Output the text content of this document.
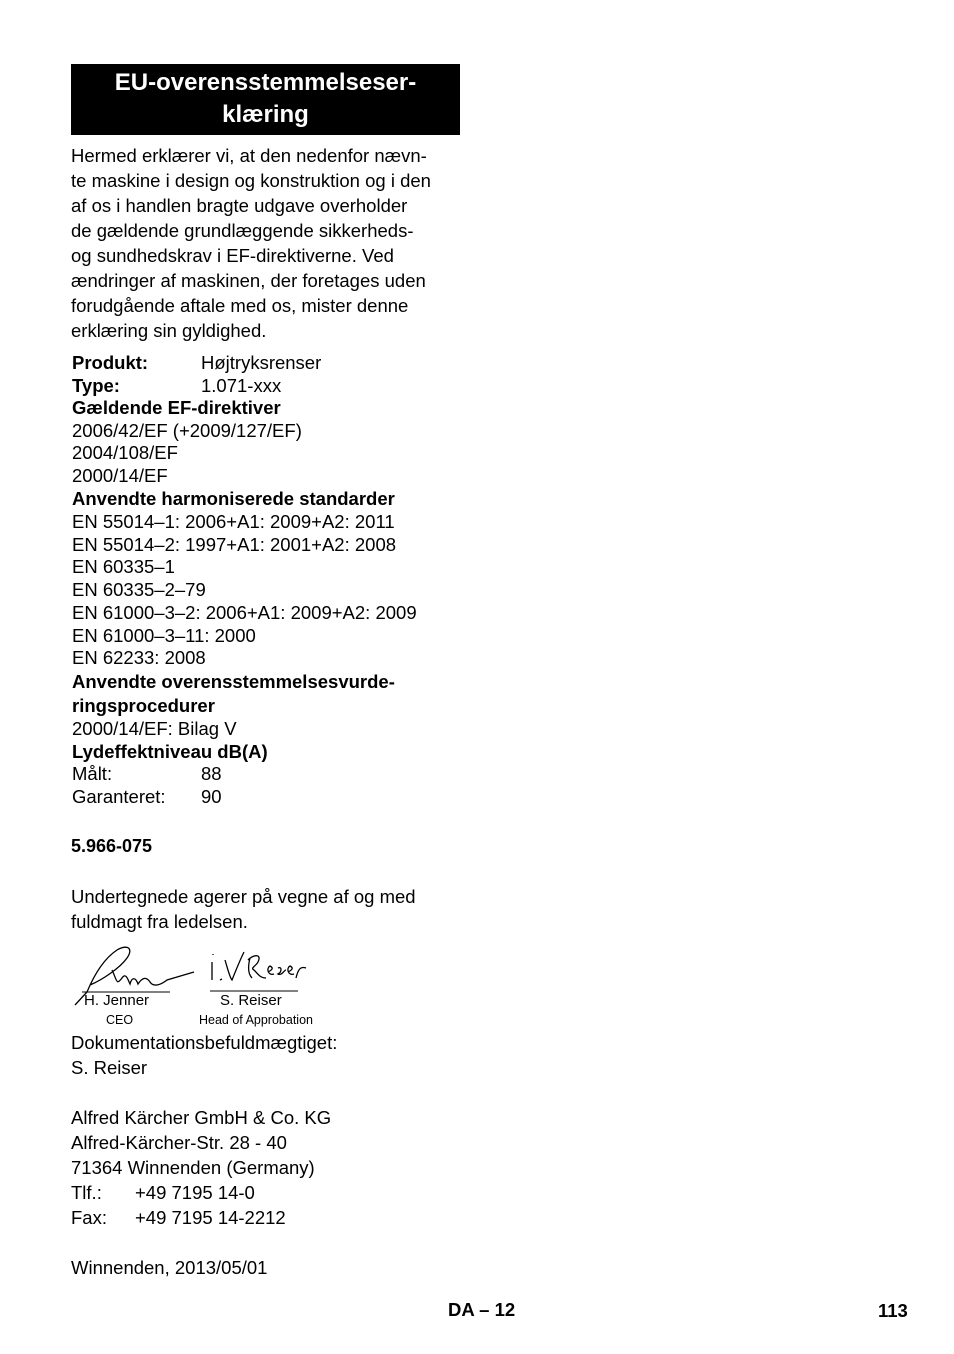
EU-overensstemmelseser-
klæring
Hermed erklærer vi, at den nedenfor nævn-
te maskine i design og konstruktion og i den
af os i handlen bragte udgave overholder
de gældende grundlæggende sikkerheds-
og sundhedskrav i EF-direktiverne. Ved
ændringer af maskinen, der foretages uden
forudgående aftale med os, mister denne
erklæring sin gyldighed.
Produkt:	Højtryksrenser
Type:	1.071-xxx
Gældende EF-direktiver
2006/42/EF (+2009/127/EF)
2004/108/EF
2000/14/EF
Anvendte harmoniserede standarder
EN 55014–1: 2006+A1: 2009+A2: 2011
EN 55014–2: 1997+A1: 2001+A2: 2008
EN 60335–1
EN 60335–2–79
EN 61000–3–2: 2006+A1: 2009+A2: 2009
EN 61000–3–11: 2000
EN 62233: 2008
Anvendte overensstemmelsesvurde-
ringsprocedurer
2000/14/EF: Bilag V
Lydeffektniveau dB(A)
Målt:	88
Garanteret: 90
5.966-075
Undertegnede agerer på vegne af og med
fuldmagt fra ledelsen.
H. Jenner
CEO
S. Reiser
Head of Approbation
Dokumentationsbefuldmægtiget:
S. Reiser
Alfred Kärcher GmbH & Co. KG
Alfred-Kärcher-Str. 28 - 40
71364 Winnenden (Germany)
Tlf.: +49 7195 14-0
Fax: +49 7195 14-2212
Winnenden, 2013/05/01
DA – 12	113
